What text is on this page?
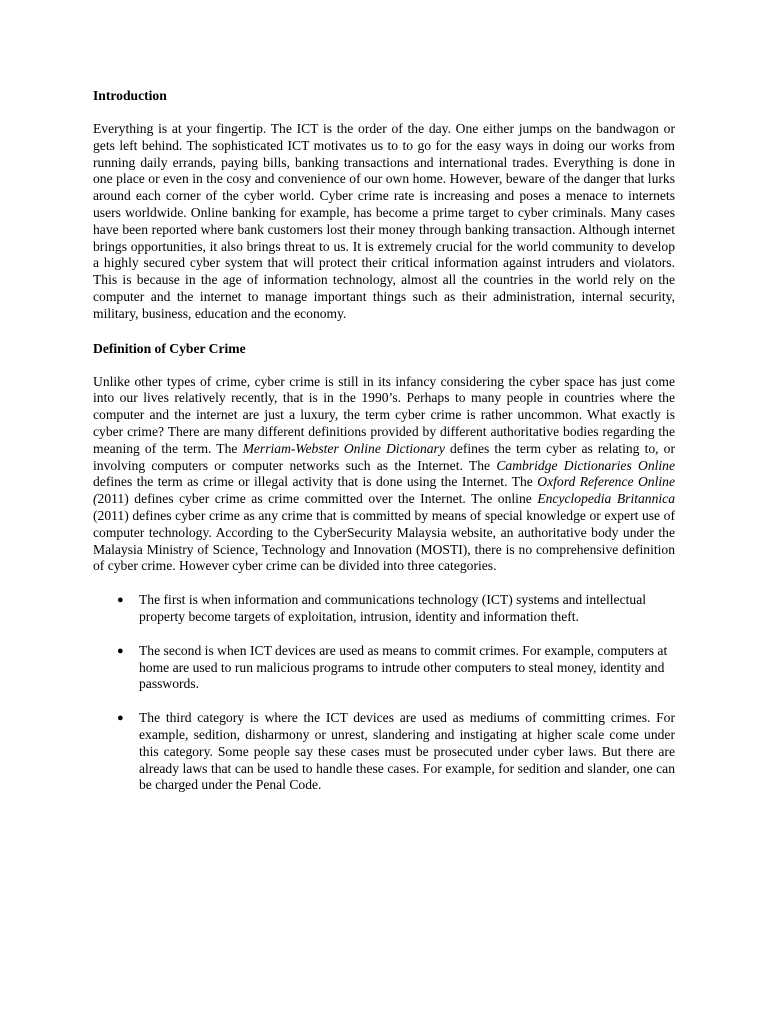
Introduction

Everything is at your fingertip. The ICT is the order of the day. One either jumps on the bandwagon or gets left behind. The sophisticated ICT motivates us to to go for the easy ways in doing our works from running daily errands, paying bills, banking transactions and international trades. Everything is done in one place or even in the cosy and convenience of our own home. However, beware of the danger that lurks around each corner of the cyber world. Cyber crime rate is increasing and poses a menace to internets users worldwide. Online banking for example, has become a prime target to cyber criminals. Many cases have been reported where bank customers lost their money through banking transaction. Although internet brings opportunities, it also brings threat to us. It is extremely crucial for the world community to develop a highly secured cyber system that will protect their critical information against intruders and violators. This is because in the age of information technology, almost all the countries in the world rely on the computer and the internet to manage important things such as their administration, internal security, military, business, education and the economy.

Definition of Cyber Crime

Unlike other types of crime, cyber crime is still in its infancy considering the cyber space has just come into our lives relatively recently, that is in the 1990’s. Perhaps to many people in countries where the computer and the internet are just a luxury, the term cyber crime is rather uncommon. What exactly is cyber crime? There are many different definitions provided by different authoritative bodies regarding the meaning of the term. The Merriam-Webster Online Dictionary defines the term cyber as relating to, or involving computers or computer networks such as the Internet. The Cambridge Dictionaries Online defines the term as crime or illegal activity that is done using the Internet. The Oxford Reference Online (2011) defines cyber crime as crime committed over the Internet. The online Encyclopedia Britannica (2011) defines cyber crime as any crime that is committed by means of special knowledge or expert use of computer technology. According to the CyberSecurity Malaysia website, an authoritative body under the Malaysia Ministry of Science, Technology and Innovation (MOSTI), there is no comprehensive definition of cyber crime. However cyber crime can be divided into three categories.

● The first is when information and communications technology (ICT) systems and intellectual property become targets of exploitation, intrusion, identity and information theft.
● The second is when ICT devices are used as means to commit crimes. For example, computers at home are used to run malicious programs to intrude other computers to steal money, identity and passwords.
● The third category is where the ICT devices are used as mediums of committing crimes. For example, sedition, disharmony or unrest, slandering and instigating at higher scale come under this category. Some people say these cases must be prosecuted under cyber laws. But there are already laws that can be used to handle these cases. For example, for sedition and slander, one can be charged under the Penal Code.
